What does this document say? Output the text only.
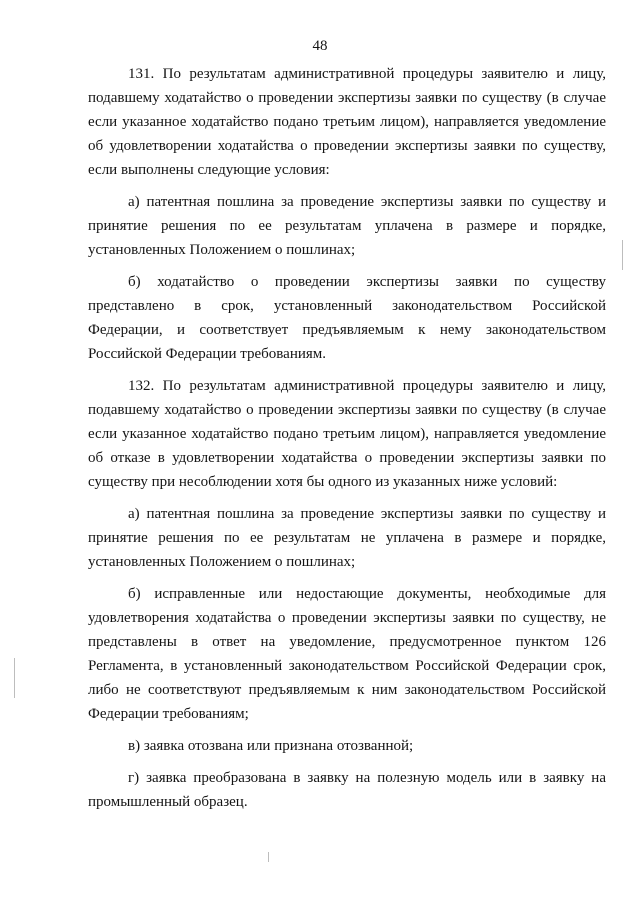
48
131. По результатам административной процедуры заявителю и лицу,
подавшему ходатайство о проведении экспертизы заявки по существу (в случае
если указанное ходатайство подано третьим лицом), направляется уведомление
об удовлетворении ходатайства о проведении экспертизы заявки по существу,
если выполнены следующие условия:
а) патентная пошлина за проведение экспертизы заявки по существу и
принятие решения по ее результатам уплачена в размере и порядке,
установленных Положением о пошлинах;
б) ходатайство о проведении экспертизы заявки по существу
представлено в срок, установленный законодательством Российской
Федерации, и соответствует предъявляемым к нему законодательством
Российской Федерации требованиям.
132. По результатам административной процедуры заявителю и лицу,
подавшему ходатайство о проведении экспертизы заявки по существу (в случае
если указанное ходатайство подано третьим лицом), направляется уведомление
об отказе в удовлетворении ходатайства о проведении экспертизы заявки по
существу при несоблюдении хотя бы одного из указанных ниже условий:
а) патентная пошлина за проведение экспертизы заявки по существу и
принятие решения по ее результатам не уплачена в размере и порядке,
установленных Положением о пошлинах;
б) исправленные или недостающие документы, необходимые для
удовлетворения ходатайства о проведении экспертизы заявки по существу, не
представлены в ответ на уведомление, предусмотренное пунктом 126
Регламента, в установленный законодательством Российской Федерации срок,
либо не соответствуют предъявляемым к ним законодательством Российской
Федерации требованиям;
в) заявка отозвана или признана отозванной;
г) заявка преобразована в заявку на полезную модель или в заявку на
промышленный образец.
